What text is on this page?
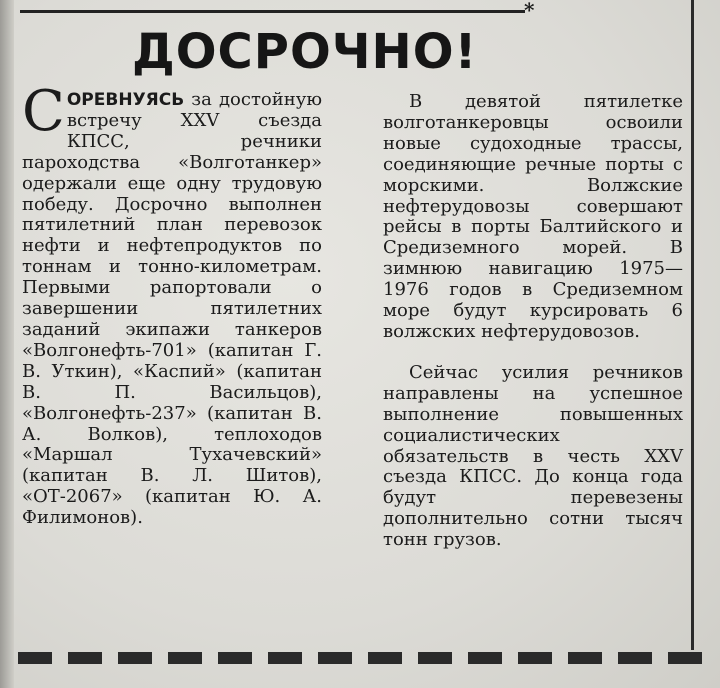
*
ДОСРОЧНО!

СОРЕВНУЯСЬ за достойную встречу XXV съезда КПСС, речники пароходства «Волготанкер» одержали еще одну трудовую победу. Досрочно выполнен пятилетний план перевозок нефти и нефтепродуктов по тоннам и тонно-километрам. Первыми рапортовали о завершении пятилетних заданий экипажи танкеров «Волгонефть-701» (капитан Г. В. Уткин), «Каспий» (капитан В. П. Васильцов), «Волгонефть-237» (капитан В. А. Волков), теплоходов «Маршал Тухачевский» (капитан В. Л. Шитов), «ОТ-2067» (капитан Ю. А. Филимонов).

В девятой пятилетке волготанкеровцы освоили новые судоходные трассы, соединяющие речные порты с морскими. Волжские нефтерудовозы совершают рейсы в порты Балтийского и Средиземного морей. В зимнюю навигацию 1975—1976 годов в Средиземном море будут курсировать 6 волжских нефтерудовозов.

Сейчас усилия речников направлены на успешное выполнение повышенных социалистических обязательств в честь XXV съезда КПСС. До конца года будут перевезены дополнительно сотни тысяч тонн грузов.
